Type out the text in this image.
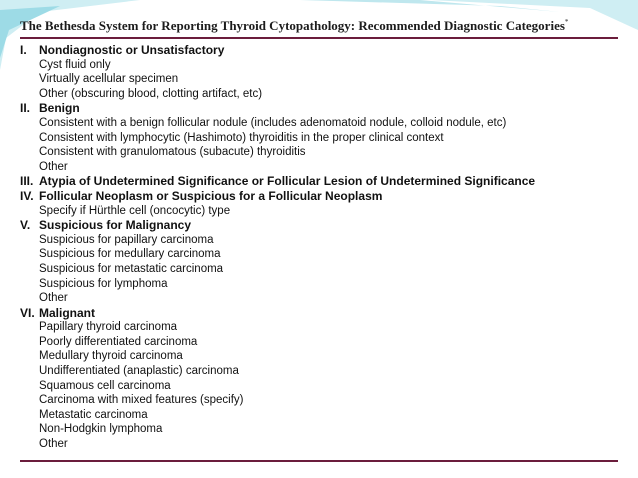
The Bethesda System for Reporting Thyroid Cytopathology: Recommended Diagnostic Categories*
I.	Nondiagnostic or Unsatisfactory
Cyst fluid only
Virtually acellular specimen
Other (obscuring blood, clotting artifact, etc)
II. Benign
Consistent with a benign follicular nodule (includes adenomatoid nodule, colloid nodule, etc)
Consistent with lymphocytic (Hashimoto) thyroiditis in the proper clinical context
Consistent with granulomatous (subacute) thyroiditis
Other
III. Atypia of Undetermined Significance or Follicular Lesion of Undetermined Significance
IV. Follicular Neoplasm or Suspicious for a Follicular Neoplasm
Specify if Hürthle cell (oncocytic) type
V. Suspicious for Malignancy
Suspicious for papillary carcinoma
Suspicious for medullary carcinoma
Suspicious for metastatic carcinoma
Suspicious for lymphoma
Other
VI. Malignant
Papillary thyroid carcinoma
Poorly differentiated carcinoma
Medullary thyroid carcinoma
Undifferentiated (anaplastic) carcinoma
Squamous cell carcinoma
Carcinoma with mixed features (specify)
Metastatic carcinoma
Non-Hodgkin lymphoma
Other
